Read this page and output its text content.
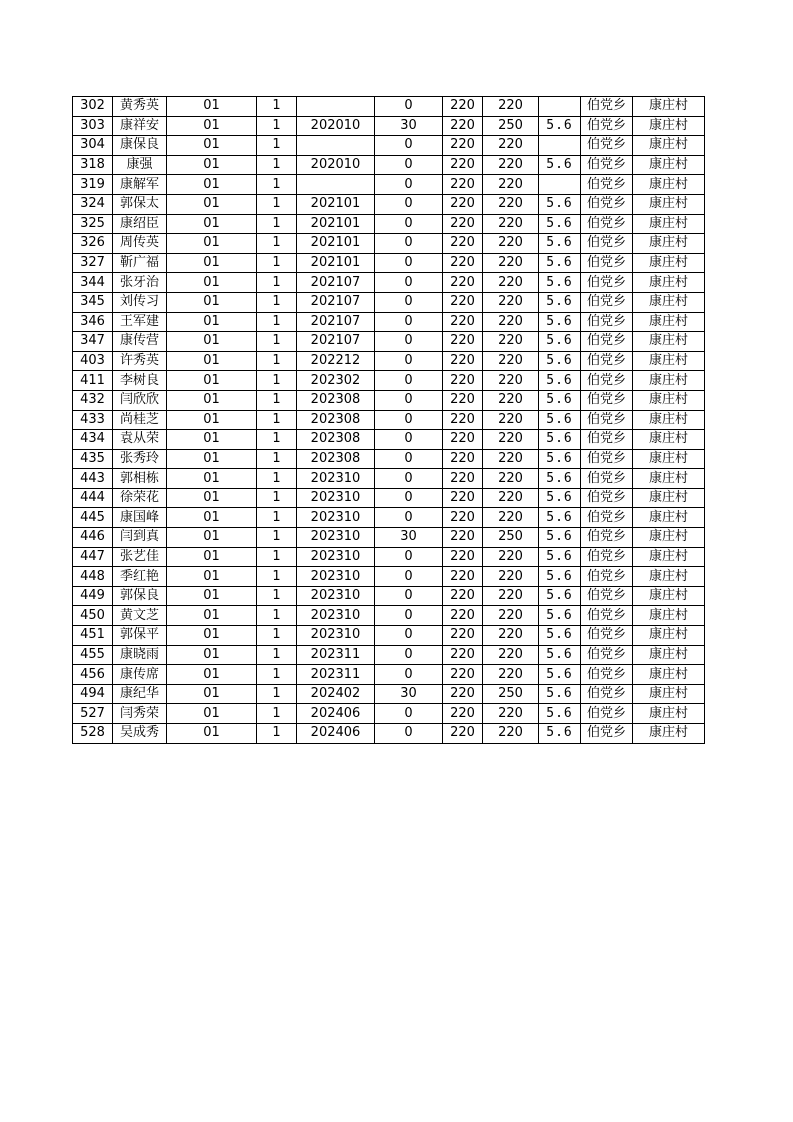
302	黄秀英	01	1		0	220	220		伯党乡	康庄村
303	康祥安	01	1	202010	30	220	250	5.6	伯党乡	康庄村
304	康保良	01	1		0	220	220		伯党乡	康庄村
318	康强	01	1	202010	0	220	220	5.6	伯党乡	康庄村
319	康解军	01	1		0	220	220		伯党乡	康庄村
324	郭保太	01	1	202101	0	220	220	5.6	伯党乡	康庄村
325	康绍臣	01	1	202101	0	220	220	5.6	伯党乡	康庄村
326	周传英	01	1	202101	0	220	220	5.6	伯党乡	康庄村
327	靳广福	01	1	202101	0	220	220	5.6	伯党乡	康庄村
344	张牙治	01	1	202107	0	220	220	5.6	伯党乡	康庄村
345	刘传习	01	1	202107	0	220	220	5.6	伯党乡	康庄村
346	王军建	01	1	202107	0	220	220	5.6	伯党乡	康庄村
347	康传营	01	1	202107	0	220	220	5.6	伯党乡	康庄村
403	许秀英	01	1	202212	0	220	220	5.6	伯党乡	康庄村
411	李树良	01	1	202302	0	220	220	5.6	伯党乡	康庄村
432	闫欣欣	01	1	202308	0	220	220	5.6	伯党乡	康庄村
433	尚桂芝	01	1	202308	0	220	220	5.6	伯党乡	康庄村
434	袁从荣	01	1	202308	0	220	220	5.6	伯党乡	康庄村
435	张秀玲	01	1	202308	0	220	220	5.6	伯党乡	康庄村
443	郭相栋	01	1	202310	0	220	220	5.6	伯党乡	康庄村
444	徐荣花	01	1	202310	0	220	220	5.6	伯党乡	康庄村
445	康国峰	01	1	202310	0	220	220	5.6	伯党乡	康庄村
446	闫到真	01	1	202310	30	220	250	5.6	伯党乡	康庄村
447	张艺佳	01	1	202310	0	220	220	5.6	伯党乡	康庄村
448	季红艳	01	1	202310	0	220	220	5.6	伯党乡	康庄村
449	郭保良	01	1	202310	0	220	220	5.6	伯党乡	康庄村
450	黄文芝	01	1	202310	0	220	220	5.6	伯党乡	康庄村
451	郭保平	01	1	202310	0	220	220	5.6	伯党乡	康庄村
455	康晓雨	01	1	202311	0	220	220	5.6	伯党乡	康庄村
456	康传席	01	1	202311	0	220	220	5.6	伯党乡	康庄村
494	康纪华	01	1	202402	30	220	250	5.6	伯党乡	康庄村
527	闫秀荣	01	1	202406	0	220	220	5.6	伯党乡	康庄村
528	吴成秀	01	1	202406	0	220	220	5.6	伯党乡	康庄村
